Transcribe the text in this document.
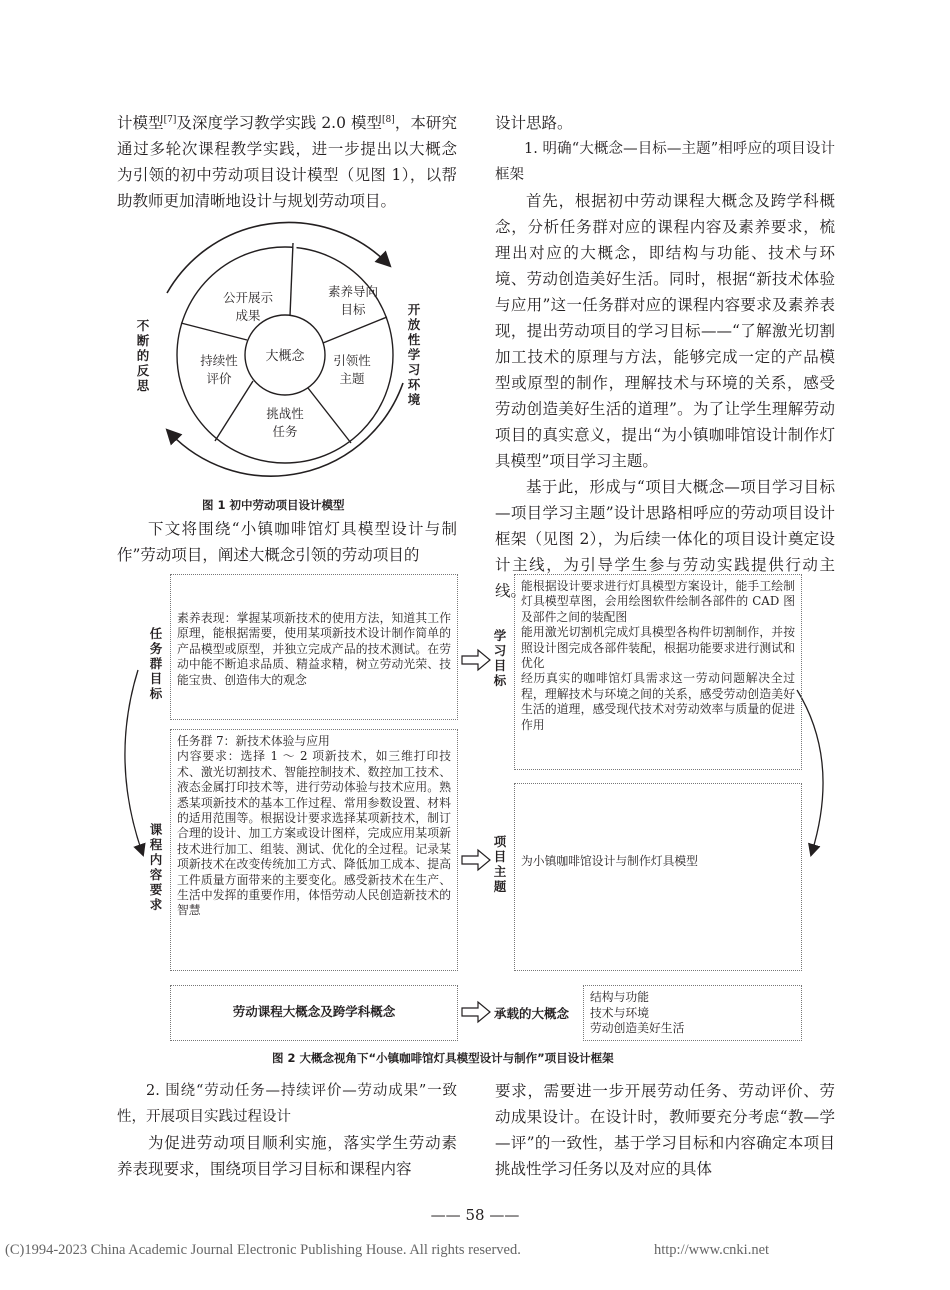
计模型[7]及深度学习教学实践 2.0 模型[8]，本研究通过多轮次课程教学实践，进一步提出以大概念为引领的初中劳动项目设计模型（见图 1），以帮助教师更加清晰地设计与规划劳动项目。

大概念
素养导向
目标
引领性
主题
挑战性
任务
持续性
评价
公开展示
成果
不断的反思
开放性学习环境
图 1 初中劳动项目设计模型

下文将围绕“小镇咖啡馆灯具模型设计与制作”劳动项目，阐述大概念引领的劳动项目的

设计思路。

1. 明确“大概念—目标—主题”相呼应的项目设计框架

首先，根据初中劳动课程大概念及跨学科概念，分析任务群对应的课程内容及素养要求，梳理出对应的大概念，即结构与功能、技术与环境、劳动创造美好生活。同时，根据“新技术体验与应用”这一任务群对应的课程内容要求及素养表现，提出劳动项目的学习目标——“了解激光切割加工技术的原理与方法，能够完成一定的产品模型或原型的制作，理解技术与环境的关系，感受劳动创造美好生活的道理”。为了让学生理解劳动项目的真实意义，提出“为小镇咖啡馆设计制作灯具模型”项目学习主题。

基于此，形成与“项目大概念—项目学习目标—项目学习主题”设计思路相呼应的劳动项目设计框架（见图 2），为后续一体化的项目设计奠定设计主线，为引导学生参与劳动实践提供行动主线。

任务群目标
课程内容要求
学习目标
项目主题
素养表现：掌握某项新技术的使用方法，知道其工作原理，能根据需要，使用某项新技术设计制作简单的产品模型或原型，并独立完成产品的技术测试。在劳动中能不断追求品质、精益求精，树立劳动光荣、技能宝贵、创造伟大的观念
任务群 7：新技术体验与应用
内容要求：选择 1 ～ 2 项新技术，如三维打印技术、激光切割技术、智能控制技术、数控加工技术、液态金属打印技术等，进行劳动体验与技术应用。熟悉某项新技术的基本工作过程、常用参数设置、材料的适用范围等。根据设计要求选择某项新技术，制订合理的设计、加工方案或设计图样，完成应用某项新技术进行加工、组装、测试、优化的全过程。记录某项新技术在改变传统加工方式、降低加工成本、提高工件质量方面带来的主要变化。感受新技术在生产、生活中发挥的重要作用，体悟劳动人民创造新技术的智慧
能根据设计要求进行灯具模型方案设计，能手工绘制灯具模型草图，会用绘图软件绘制各部件的 CAD 图及部件之间的装配图
能用激光切割机完成灯具模型各构件切割制作，并按照设计图完成各部件装配，根据功能要求进行测试和优化
经历真实的咖啡馆灯具需求这一劳动问题解决全过程，理解技术与环境之间的关系，感受劳动创造美好生活的道理，感受现代技术对劳动效率与质量的促进作用
为小镇咖啡馆设计与制作灯具模型
劳动课程大概念及跨学科概念	承载的大概念
结构与功能
技术与环境
劳动创造美好生活
图 2 大概念视角下“小镇咖啡馆灯具模型设计与制作”项目设计框架

2. 围绕“劳动任务—持续评价—劳动成果”一致性，开展项目实践过程设计

为促进劳动项目顺利实施，落实学生劳动素养表现要求，围绕项目学习目标和课程内容

要求，需要进一步开展劳动任务、劳动评价、劳动成果设计。在设计时，教师要充分考虑“教—学—评”的一致性，基于学习目标和内容确定本项目挑战性学习任务以及对应的具体

—— 58 ——
(C)1994-2023 China Academic Journal Electronic Publishing House. All rights reserved.	http://www.cnki.net
